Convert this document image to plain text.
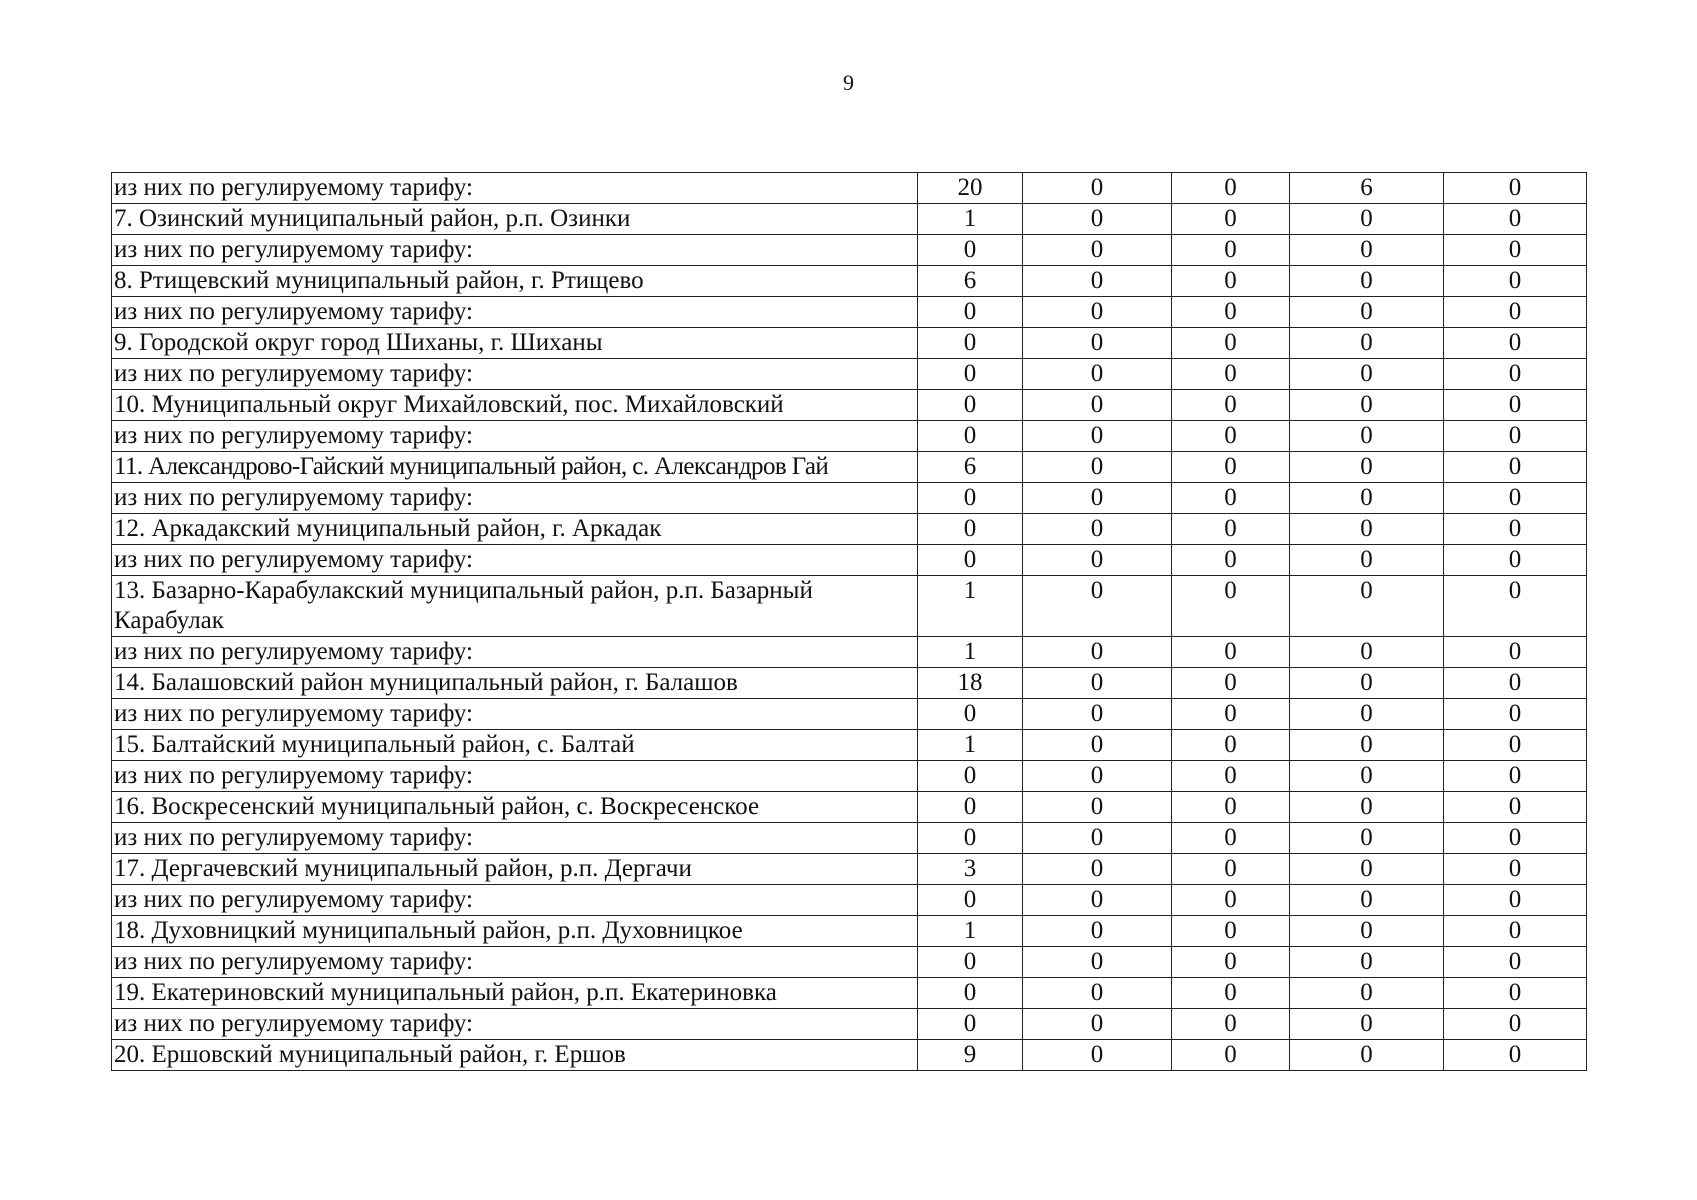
9
из них по регулируемому тарифу:	20	0	0	6	0
7. Озинский муниципальный район, р.п. Озинки	1	0	0	0	0
из них по регулируемому тарифу:	0	0	0	0	0
8. Ртищевский муниципальный район, г. Ртищево	6	0	0	0	0
из них по регулируемому тарифу:	0	0	0	0	0
9. Городской округ город Шиханы, г. Шиханы	0	0	0	0	0
из них по регулируемому тарифу:	0	0	0	0	0
10. Муниципальный округ Михайловский, пос. Михайловский	0	0	0	0	0
из них по регулируемому тарифу:	0	0	0	0	0
11. Александрово-Гайский муниципальный район, с. Александров Гай	6	0	0	0	0
из них по регулируемому тарифу:	0	0	0	0	0
12. Аркадакский муниципальный район, г. Аркадак	0	0	0	0	0
из них по регулируемому тарифу:	0	0	0	0	0
13. Базарно-Карабулакский муниципальный район, р.п. Базарный Карабулак	1	0	0	0	0
из них по регулируемому тарифу:	1	0	0	0	0
14. Балашовский район муниципальный район, г. Балашов	18	0	0	0	0
из них по регулируемому тарифу:	0	0	0	0	0
15. Балтайский муниципальный район, с. Балтай	1	0	0	0	0
из них по регулируемому тарифу:	0	0	0	0	0
16. Воскресенский муниципальный район, с. Воскресенское	0	0	0	0	0
из них по регулируемому тарифу:	0	0	0	0	0
17. Дергачевский муниципальный район, р.п. Дергачи	3	0	0	0	0
из них по регулируемому тарифу:	0	0	0	0	0
18. Духовницкий муниципальный район, р.п. Духовницкое	1	0	0	0	0
из них по регулируемому тарифу:	0	0	0	0	0
19. Екатериновский муниципальный район, р.п. Екатериновка	0	0	0	0	0
из них по регулируемому тарифу:	0	0	0	0	0
20. Ершовский муниципальный район, г. Ершов	9	0	0	0	0
